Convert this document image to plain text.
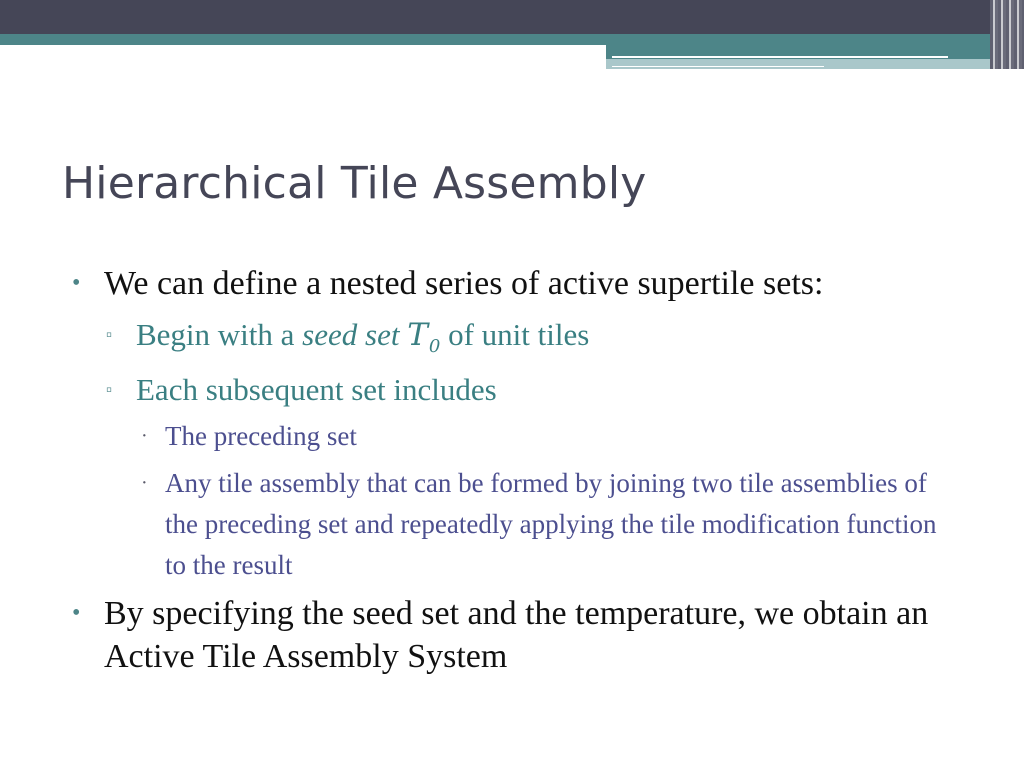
Hierarchical Tile Assembly
• We can define a nested series of active supertile sets:
▫ Begin with a seed set $T_0$ of unit tiles
▫ Each subsequent set includes
· The preceding set
· Any tile assembly that can be formed by joining two tile assemblies of the preceding set and repeatedly applying the tile modification function to the result
• By specifying the seed set and the temperature, we obtain an Active Tile Assembly System
